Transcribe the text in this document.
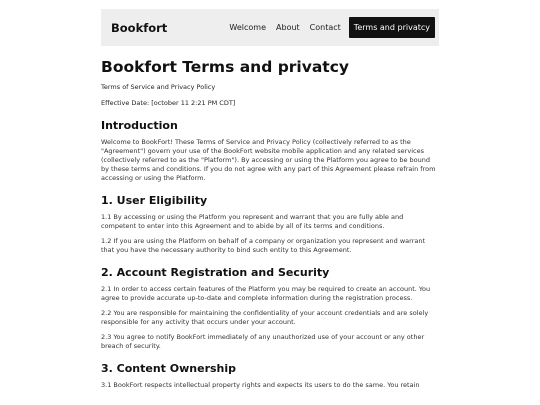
Bookfort	Welcome	About	Contact	Terms and privatcy
Bookfort Terms and privatcy

Terms of Service and Privacy Policy

Effective Date: [october 11 2:21 PM CDT]

Introduction

Welcome to BookFort! These Terms of Service and Privacy Policy (collectively referred to as the "Agreement") govern your use of the BookFort website mobile application and any related services (collectively referred to as the "Platform"). By accessing or using the Platform you agree to be bound by these terms and conditions. If you do not agree with any part of this Agreement please refrain from accessing or using the Platform.

1. User Eligibility

1.1 By accessing or using the Platform you represent and warrant that you are fully able and competent to enter into this Agreement and to abide by all of its terms and conditions.

1.2 If you are using the Platform on behalf of a company or organization you represent and warrant that you have the necessary authority to bind such entity to this Agreement.

2. Account Registration and Security

2.1 In order to access certain features of the Platform you may be required to create an account. You agree to provide accurate up-to-date and complete information during the registration process.

2.2 You are responsible for maintaining the confidentiality of your account credentials and are solely responsible for any activity that occurs under your account.

2.3 You agree to notify BookFort immediately of any unauthorized use of your account or any other breach of security.

3. Content Ownership

3.1 BookFort respects intellectual property rights and expects its users to do the same. You retain
